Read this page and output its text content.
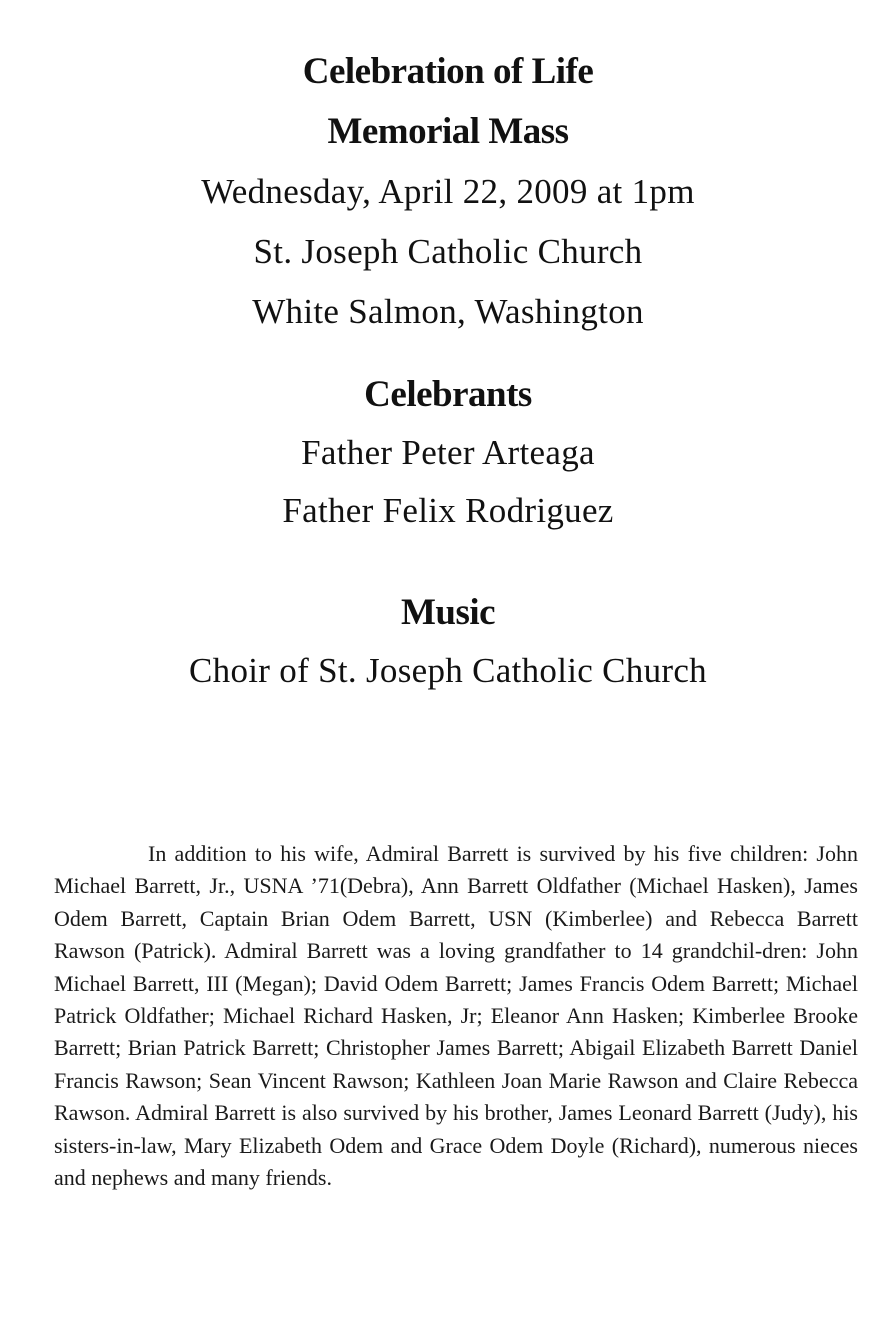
Celebration of Life
Memorial Mass
Wednesday, April 22, 2009 at 1pm
St. Joseph Catholic Church
White Salmon, Washington
Celebrants
Father Peter Arteaga
Father Felix Rodriguez
Music
Choir of St. Joseph Catholic Church

In addition to his wife, Admiral Barrett is survived by his five children: John Michael Barrett, Jr., USNA ’71(Debra), Ann Barrett Oldfather (Michael Hasken), James Odem Barrett, Captain Brian Odem Barrett, USN (Kimberlee) and Rebecca Barrett Rawson (Patrick). Admiral Barrett was a loving grandfather to 14 grandchil-dren: John Michael Barrett, III (Megan); David Odem Barrett; James Francis Odem Barrett; Michael Patrick Oldfather; Michael Richard Hasken, Jr; Eleanor Ann Hasken; Kimberlee Brooke Barrett; Brian Patrick Barrett; Christopher James Barrett; Abigail Elizabeth Barrett Daniel Francis Rawson; Sean Vincent Rawson; Kathleen Joan Marie Rawson and Claire Rebecca Rawson. Admiral Barrett is also survived by his brother, James Leonard Barrett (Judy), his sisters-in-law, Mary Elizabeth Odem and Grace Odem Doyle (Richard), numerous nieces and nephews and many friends.
